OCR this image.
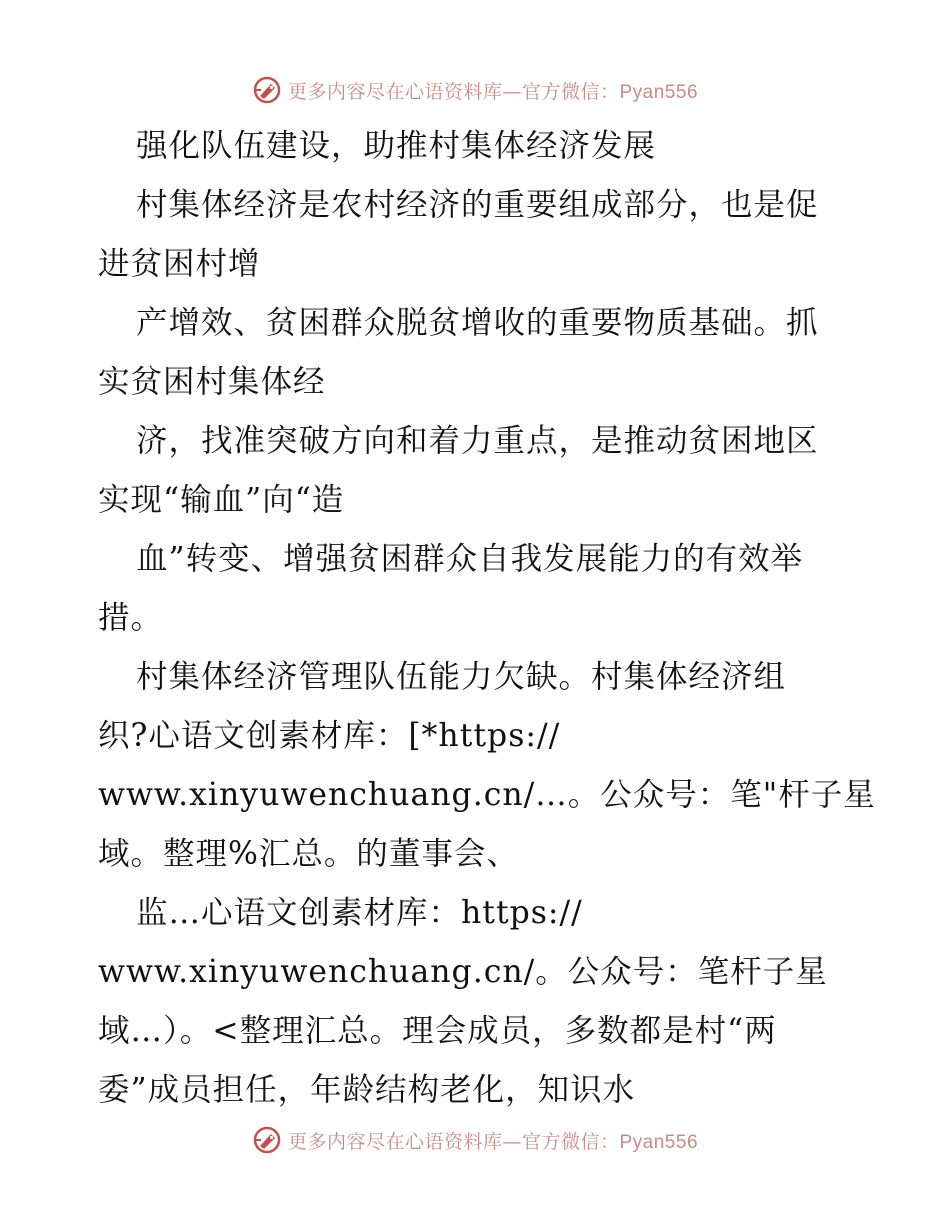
更多内容尽在心语资料库—官方微信：Pyan556
强化队伍建设，助推村集体经济发展
村集体经济是农村经济的重要组成部分，也是促
进贫困村增
产增效、贫困群众脱贫增收的重要物质基础。抓
实贫困村集体经
济，找准突破方向和着力重点，是推动贫困地区
实现“输血”向“造
血”转变、增强贫困群众自我发展能力的有效举
措。
村集体经济管理队伍能力欠缺。村集体经济组
织?心语文创素材库：[*https://
www.xinyuwenchuang.cn/…。公众号：笔"杆子星
域。整理%汇总。的董事会、
监…心语文创素材库：https://
www.xinyuwenchuang.cn/。公众号：笔杆子星
域…）。<整理汇总。理会成员，多数都是村“两
委”成员担任，年龄结构老化，知识水
更多内容尽在心语资料库—官方微信：Pyan556
